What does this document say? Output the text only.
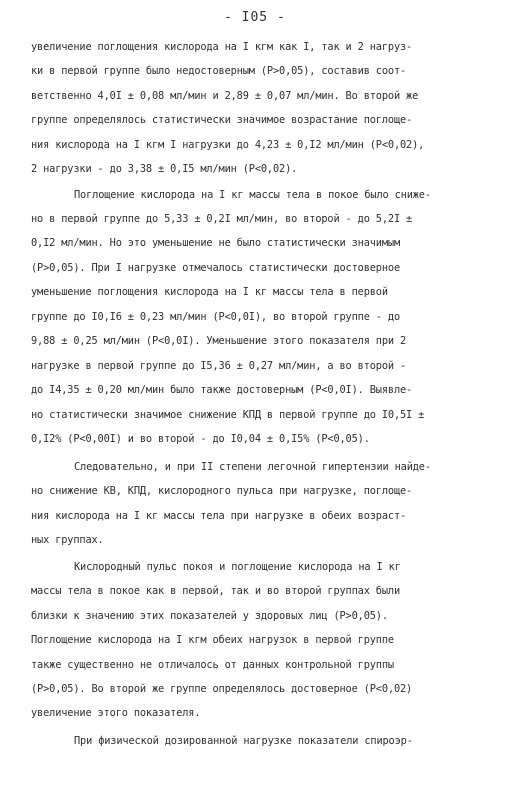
- I05 -
увеличение поглощения кислорода на I кгм как I, так и 2 нагруз-
ки в первой группе было недостоверным (P>0,05), составив соот-
ветственно 4,0I ± 0,08 мл/мин и 2,89 ± 0,07 мл/мин. Во второй же
группе определялось статистически значимое возрастание поглоще-
ния кислорода на I кгм I нагрузки до 4,23 ± 0,I2 мл/мин (P<0,02),
2 нагрузки - до 3,38 ± 0,I5 мл/мин (P<0,02).
Поглощение кислорода на I кг массы тела в покое было сниже-
но в первой группе до 5,33 ± 0,2I мл/мин, во второй - до 5,2I ±
0,I2 мл/мин. Но это уменьшение не было статистически значимым
(P>0,05). При I нагрузке отмечалось статистически достоверное
уменьшение поглощения кислорода на I кг массы тела в первой
группе до I0,I6 ± 0,23 мл/мин (P<0,0I), во второй группе - до
9,88 ± 0,25 мл/мин (P<0,0I). Уменьшение этого показателя при 2
нагрузке в первой группе до I5,36 ± 0,27 мл/мин, а во второй -
до I4,35 ± 0,20 мл/мин было также достоверным (P<0,0I). Выявле-
но статистически значимое снижение КПД в первой группе до I0,5I ±
0,I2% (P<0,00I) и во второй - до I0,04 ± 0,I5% (P<0,05).
Следовательно, и при II степени легочной гипертензии найде-
но снижение КВ, КПД, кислородного пульса при нагрузке, поглоще-
ния кислорода на I кг массы тела при нагрузке в обеих возраст-
ных группах.
Кислородный пульс покоя и поглощение кислорода на I кг
массы тела в покое как в первой, так и во второй группах были
близки к значению этих показателей у здоровых лиц (P>0,05).
Поглощение кислорода на I кгм обеих нагрузок в первой группе
также существенно не отличалось от данных контрольной группы
(P>0,05). Во второй же группе определялось достоверное (P<0,02)
увеличение этого показателя.
При физической дозированной нагрузке показатели спироэр-
